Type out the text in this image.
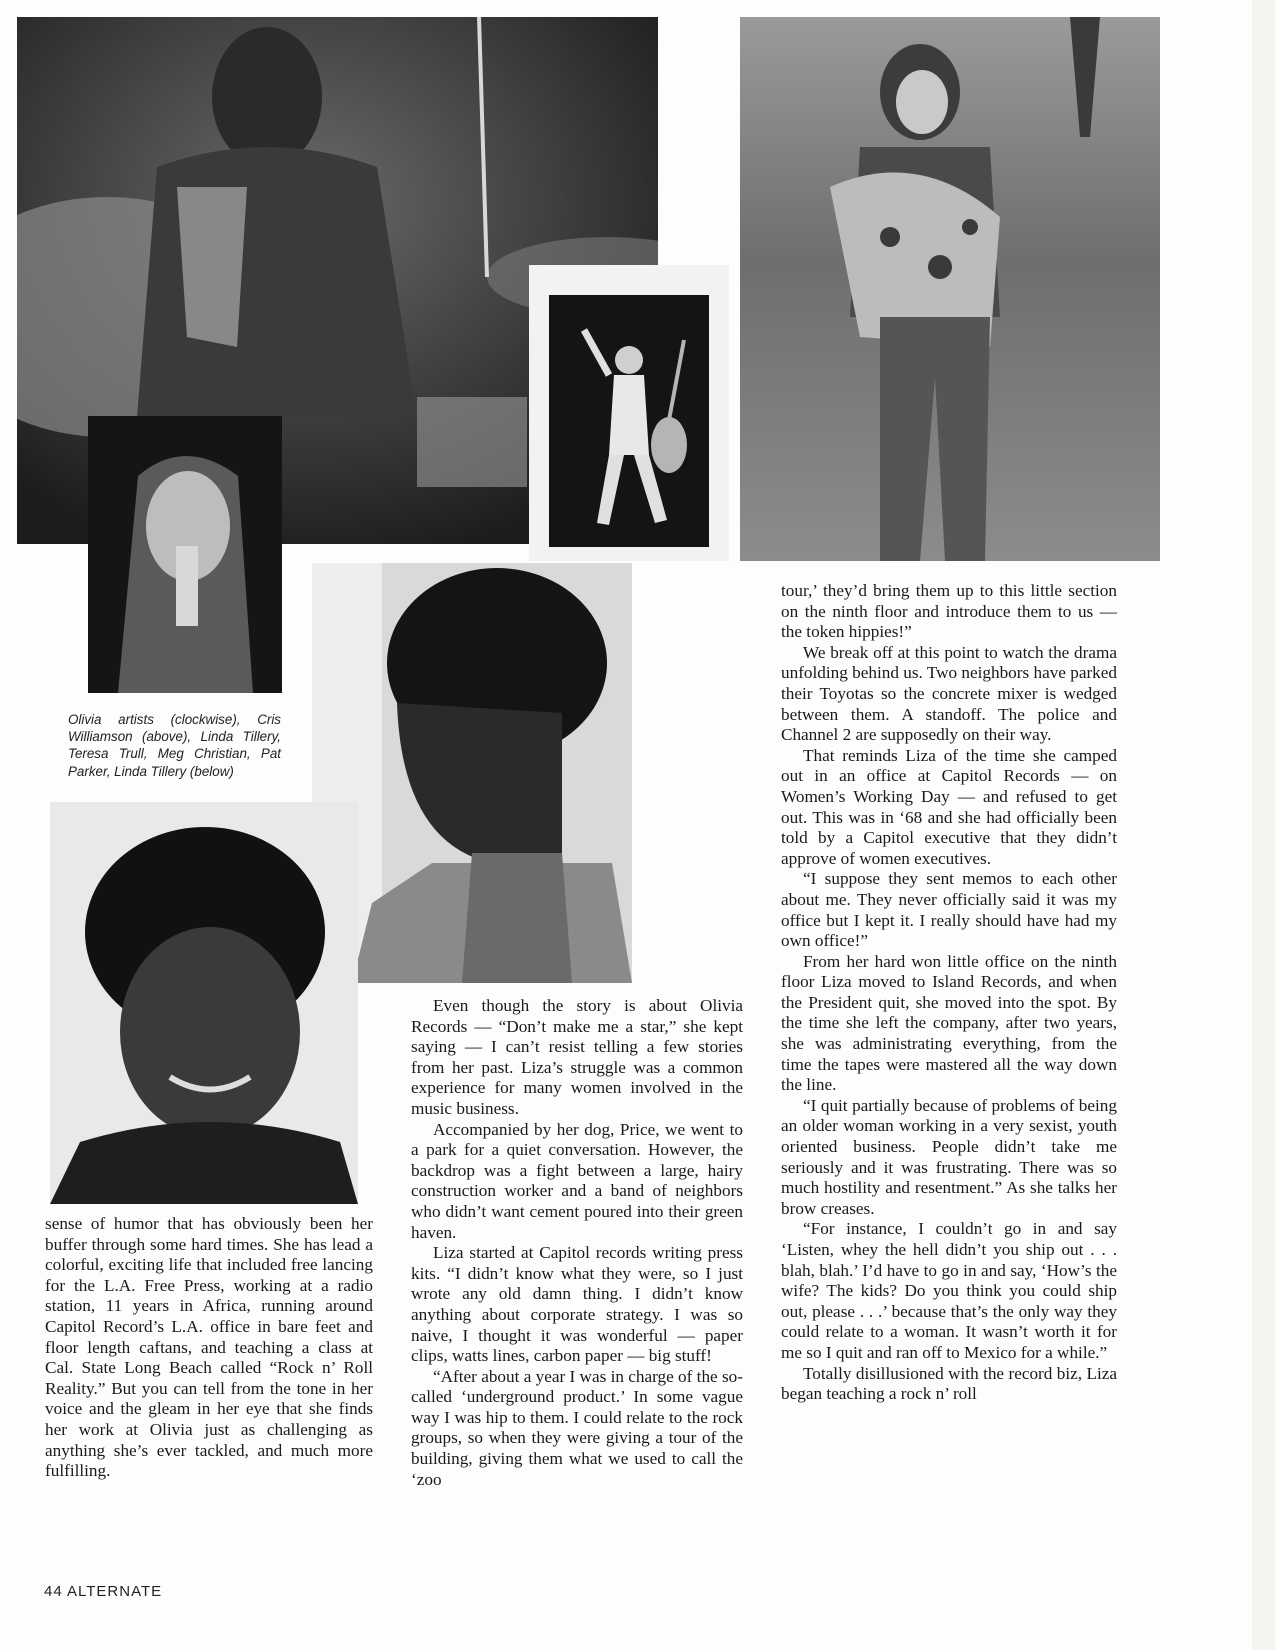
Olivia artists (clockwise), Cris Williamson (above), Linda Tillery, Teresa Trull, Meg Christian, Pat Parker, Linda Tillery (below)

sense of humor that has obviously been her buffer through some hard times. She has lead a colorful, exciting life that included free lancing for the L.A. Free Press, working at a radio station, 11 years in Africa, running around Capitol Record’s L.A. office in bare feet and floor length caftans, and teaching a class at Cal. State Long Beach called “Rock n’ Roll Reality.” But you can tell from the tone in her voice and the gleam in her eye that she finds her work at Olivia just as challenging as anything she’s ever tackled, and much more fulfilling.

Even though the story is about Olivia Records — “Don’t make me a star,” she kept saying — I can’t resist telling a few stories from her past. Liza’s struggle was a common experience for many women involved in the music business.

Accompanied by her dog, Price, we went to a park for a quiet conversation. However, the backdrop was a fight between a large, hairy construction worker and a band of neighbors who didn’t want cement poured into their green haven.

Liza started at Capitol records writing press kits. “I didn’t know what they were, so I just wrote any old damn thing. I didn’t know anything about corporate strategy. I was so naive, I thought it was wonderful — paper clips, watts lines, carbon paper — big stuff!

“After about a year I was in charge of the so-called ‘underground product.’ In some vague way I was hip to them. I could relate to the rock groups, so when they were giving a tour of the building, giving them what we used to call the ‘zoo

tour,’ they’d bring them up to this little section on the ninth floor and introduce them to us — the token hippies!”

We break off at this point to watch the drama unfolding behind us. Two neighbors have parked their Toyotas so the concrete mixer is wedged between them. A standoff. The police and Channel 2 are supposedly on their way.

That reminds Liza of the time she camped out in an office at Capitol Records — on Women’s Working Day — and refused to get out. This was in ‘68 and she had officially been told by a Capitol executive that they didn’t approve of women executives.

“I suppose they sent memos to each other about me. They never officially said it was my office but I kept it. I really should have had my own office!”

From her hard won little office on the ninth floor Liza moved to Island Records, and when the President quit, she moved into the spot. By the time she left the company, after two years, she was administrating everything, from the time the tapes were mastered all the way down the line.

“I quit partially because of problems of being an older woman working in a very sexist, youth oriented business. People didn’t take me seriously and it was frustrating. There was so much hostility and resentment.” As she talks her brow creases.

“For instance, I couldn’t go in and say ‘Listen, whey the hell didn’t you ship out . . . blah, blah.’ I’d have to go in and say, ‘How’s the wife? The kids? Do you think you could ship out, please . . .’ because that’s the only way they could relate to a woman. It wasn’t worth it for me so I quit and ran off to Mexico for a while.”

Totally disillusioned with the record biz, Liza began teaching a rock n’ roll

44 ALTERNATE
